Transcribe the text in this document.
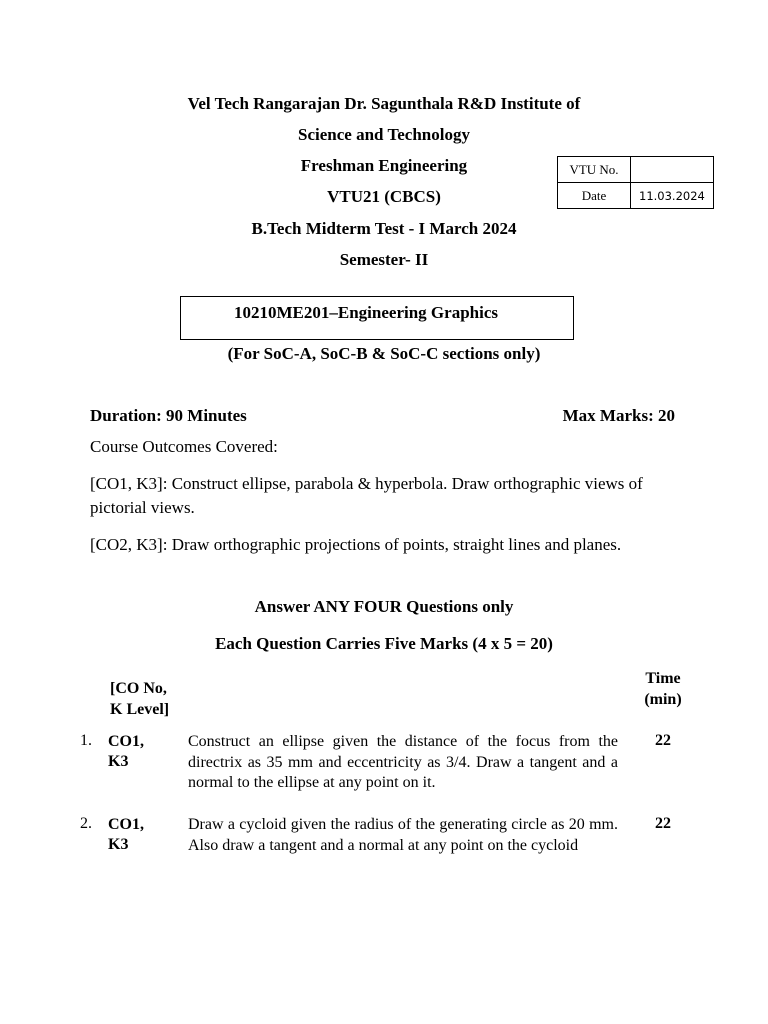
Vel Tech Rangarajan Dr. Sagunthala R&D Institute of
Science and Technology
Freshman Engineering
VTU21 (CBCS)
B.Tech Midterm Test - I March 2024
Semester- II
VTU No.
Date	11.03.2024
10210ME201–Engineering Graphics
(For SoC-A, SoC-B & SoC-C sections only)
Duration: 90 Minutes	Max Marks: 20
Course Outcomes Covered:
[CO1, K3]: Construct ellipse, parabola & hyperbola. Draw orthographic views of
pictorial views.
[CO2, K3]: Draw orthographic projections of points, straight lines and planes.
Answer ANY FOUR Questions only
Each Question Carries Five Marks (4 x 5 = 20)
[CO No,
K Level]
Time
(min)
1. CO1,
K3
Construct an ellipse given the distance of the focus from the directrix as 35 mm and eccentricity as 3/4. Draw a tangent and a normal to the ellipse at any point on it.
22
2. CO1,
K3
Draw a cycloid given the radius of the generating circle as 20 mm. Also draw a tangent and a normal at any point on the cycloid
22
